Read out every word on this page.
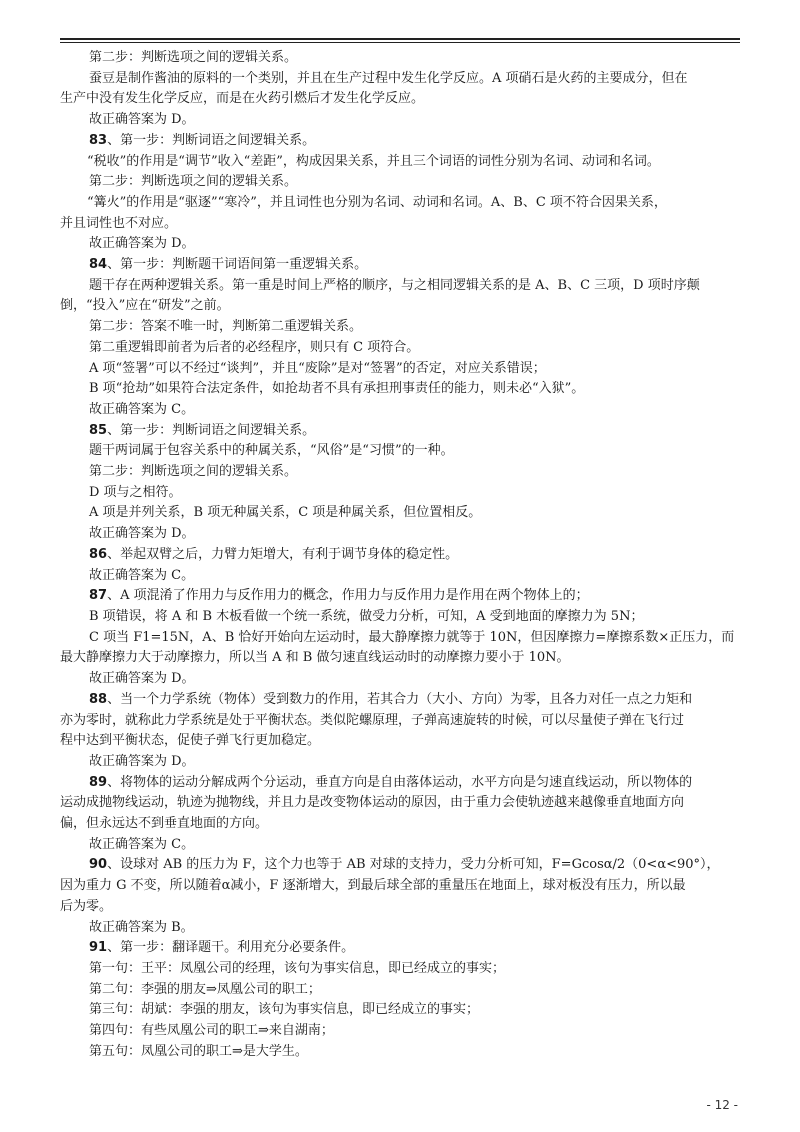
第二步：判断选项之间的逻辑关系。
蚕豆是制作酱油的原料的一个类别，并且在生产过程中发生化学反应。A 项硝石是火药的主要成分，但在
生产中没有发生化学反应，而是在火药引燃后才发生化学反应。
故正确答案为 D。
83、第一步：判断词语之间逻辑关系。
“税收”的作用是“调节”收入“差距”，构成因果关系，并且三个词语的词性分别为名词、动词和名词。
第二步：判断选项之间的逻辑关系。
“篝火”的作用是“驱逐”“寒冷”，并且词性也分别为名词、动词和名词。A、B、C 项不符合因果关系，
并且词性也不对应。
故正确答案为 D。
84、第一步：判断题干词语间第一重逻辑关系。
题干存在两种逻辑关系。第一重是时间上严格的顺序，与之相同逻辑关系的是 A、B、C 三项，D 项时序颠
倒，“投入”应在“研发”之前。
第二步：答案不唯一时，判断第二重逻辑关系。
第二重逻辑即前者为后者的必经程序，则只有 C 项符合。
A 项“签署”可以不经过“谈判”，并且“废除”是对“签署”的否定，对应关系错误；
B 项“抢劫”如果符合法定条件，如抢劫者不具有承担刑事责任的能力，则未必“入狱”。
故正确答案为 C。
85、第一步：判断词语之间逻辑关系。
题干两词属于包容关系中的种属关系，“风俗”是“习惯”的一种。
第二步：判断选项之间的逻辑关系。
D 项与之相符。
A 项是并列关系，B 项无种属关系，C 项是种属关系，但位置相反。
故正确答案为 D。
86、举起双臂之后，力臂力矩增大，有利于调节身体的稳定性。
故正确答案为 C。
87、A 项混淆了作用力与反作用力的概念，作用力与反作用力是作用在两个物体上的；
B 项错误，将 A 和 B 木板看做一个统一系统，做受力分析，可知，A 受到地面的摩擦力为 5N；
C 项当 F1=15N，A、B 恰好开始向左运动时，最大静摩擦力就等于 10N，但因摩擦力=摩擦系数×正压力，而
最大静摩擦力大于动摩擦力，所以当 A 和 B 做匀速直线运动时的动摩擦力要小于 10N。
故正确答案为 D。
88、当一个力学系统（物体）受到数力的作用，若其合力（大小、方向）为零，且各力对任一点之力矩和
亦为零时，就称此力学系统是处于平衡状态。类似陀螺原理，子弹高速旋转的时候，可以尽量使子弹在飞行过
程中达到平衡状态，促使子弹飞行更加稳定。
故正确答案为 D。
89、将物体的运动分解成两个分运动，垂直方向是自由落体运动，水平方向是匀速直线运动，所以物体的
运动成抛物线运动，轨迹为抛物线，并且力是改变物体运动的原因，由于重力会使轨迹越来越像垂直地面方向
偏，但永远达不到垂直地面的方向。
故正确答案为 C。
90、设球对 AB 的压力为 F，这个力也等于 AB 对球的支持力，受力分析可知，F=Gcosα/2（0<α<90°），
因为重力 G 不变，所以随着α减小，F 逐渐增大，到最后球全部的重量压在地面上，球对板没有压力，所以最
后为零。
故正确答案为 B。
91、第一步：翻译题干。利用充分必要条件。
第一句：王平：凤凰公司的经理，该句为事实信息，即已经成立的事实；
第二句：李强的朋友⇒凤凰公司的职工；
第三句：胡斌：李强的朋友，该句为事实信息，即已经成立的事实；
第四句：有些凤凰公司的职工⇒来自湖南；
第五句：凤凰公司的职工⇒是大学生。
- 12 -
